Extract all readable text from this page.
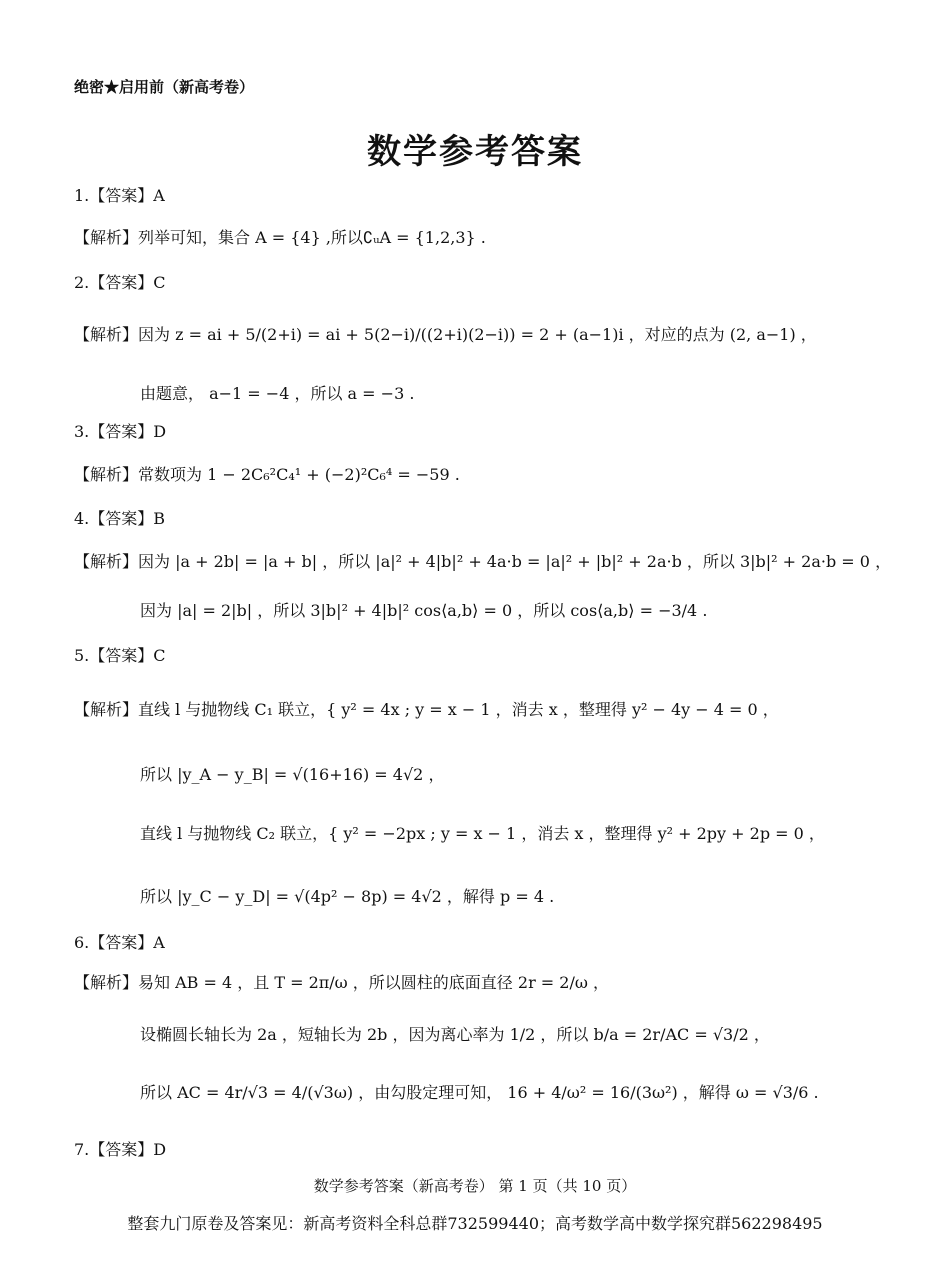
绝密★启用前（新高考卷）
数学参考答案
1.【答案】A
【解析】列举可知，集合 A = {4} ,所以∁ᵤA = {1,2,3} .
2.【答案】C
【解析】因为 z = ai + 5/(2+i) = ai + 5(2−i)/((2+i)(2−i)) = 2 + (a−1)i ，对应的点为 (2, a−1) ，
由题意， a−1 = −4 ，所以 a = −3 .
3.【答案】D
【解析】常数项为 1 − 2C₆²C₄¹ + (−2)²C₆⁴ = −59 .
4.【答案】B
【解析】因为 |a + 2b| = |a + b| ，所以 |a|² + 4|b|² + 4a·b = |a|² + |b|² + 2a·b ，所以 3|b|² + 2a·b = 0 ，
因为 |a| = 2|b| ，所以 3|b|² + 4|b|² cos⟨a,b⟩ = 0 ，所以 cos⟨a,b⟩ = −3/4 .
5.【答案】C
【解析】直线 l 与抛物线 C₁ 联立，{ y² = 4x ; y = x − 1 ，消去 x ，整理得 y² − 4y − 4 = 0 ，
所以 |y_A − y_B| = √(16+16) = 4√2 ，
直线 l 与抛物线 C₂ 联立，{ y² = −2px ; y = x − 1 ，消去 x ，整理得 y² + 2py + 2p = 0 ，
所以 |y_C − y_D| = √(4p² − 8p) = 4√2 ，解得 p = 4 .
6.【答案】A
【解析】易知 AB = 4 ，且 T = 2π/ω ，所以圆柱的底面直径 2r = 2/ω ，
设椭圆长轴长为 2a ，短轴长为 2b ，因为离心率为 1/2 ，所以 b/a = 2r/AC = √3/2 ，
所以 AC = 4r/√3 = 4/(√3ω) ，由勾股定理可知， 16 + 4/ω² = 16/(3ω²) ，解得 ω = √3/6 .
7.【答案】D
数学参考答案（新高考卷） 第 1 页（共 10 页）
整套九门原卷及答案见：新高考资料全科总群732599440；高考数学高中数学探究群562298495
